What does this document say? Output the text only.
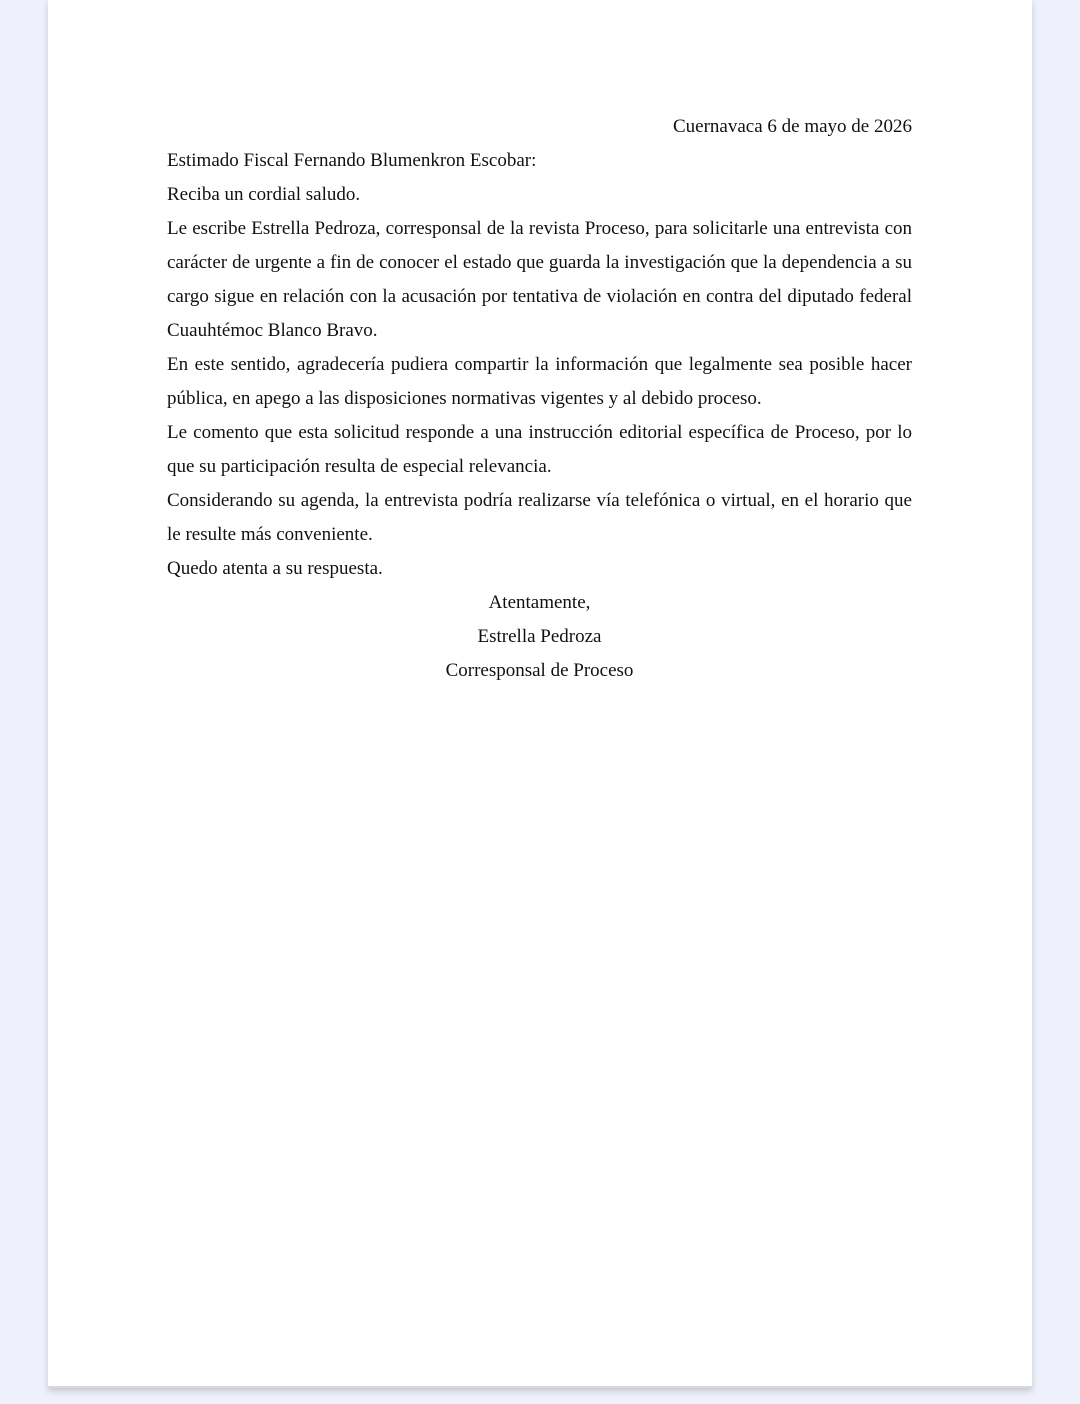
Cuernavaca 6 de mayo de 2026

Estimado Fiscal Fernando Blumenkron Escobar:

Reciba un cordial saludo.

Le escribe Estrella Pedroza, corresponsal de la revista Proceso, para solicitarle una entrevista con carácter de urgente a fin de conocer el estado que guarda la investigación que la dependencia a su cargo sigue en relación con la acusación por tentativa de violación en contra del diputado federal Cuauhtémoc Blanco Bravo.

En este sentido, agradecería pudiera compartir la información que legalmente sea posible hacer pública, en apego a las disposiciones normativas vigentes y al debido proceso.

Le comento que esta solicitud responde a una instrucción editorial específica de Proceso, por lo que su participación resulta de especial relevancia.

Considerando su agenda, la entrevista podría realizarse vía telefónica o virtual, en el horario que le resulte más conveniente.

Quedo atenta a su respuesta.

Atentamente,

Estrella Pedroza

Corresponsal de Proceso
